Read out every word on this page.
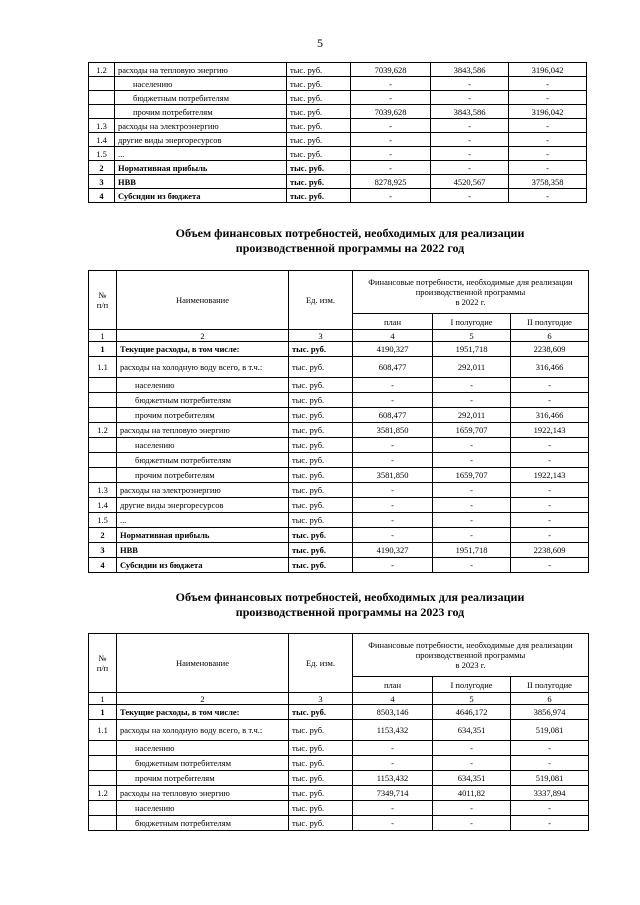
5
1.2	расходы на тепловую энергию	тыс. руб.	7039,628	3843,586	3196,042
	населению	тыс. руб.	-	-	-
	бюджетным потребителям	тыс. руб.	-	-	-
	прочим потребителям	тыс. руб.	7039,628	3843,586	3196,042
1.3	расходы на электроэнергию	тыс. руб.	-	-	-
1.4	другие виды энергоресурсов	тыс. руб.	-	-	-
1.5	...	тыс. руб.	-	-	-
2	Нормативная прибыль	тыс. руб.	-	-	-
3	НВВ	тыс. руб.	8278,925	4520,567	3758,358
4	Субсидии из бюджета	тыс. руб.	-	-	-
Объем финансовых потребностей, необходимых для реализации
производственной программы на 2022 год
№
п/п	Наименование	Ед. изм.	Финансовые потребности, необходимые для реализации производственной программы
в 2022 г.		
			план	I полугодие	II полугодие
1	2	3	4	5	6
1	Текущие расходы, в том числе:	тыс. руб.	4190,327	1951,718	2238,609
1.1	расходы на холодную воду всего, в т.ч.:	тыс. руб.	608,477	292,011	316,466
	населению	тыс. руб.	-	-	-
	бюджетным потребителям	тыс. руб.	-	-	-
	прочим потребителям	тыс. руб.	608,477	292,011	316,466
1.2	расходы на тепловую энергию	тыс. руб.	3581,850	1659,707	1922,143
	населению	тыс. руб.	-	-	-
	бюджетным потребителям	тыс. руб.	-	-	-
	прочим потребителям	тыс. руб.	3581,850	1659,707	1922,143
1.3	расходы на электроэнергию	тыс. руб.	-	-	-
1.4	другие виды энергоресурсов	тыс. руб.	-	-	-
1.5	...	тыс. руб.	-	-	-
2	Нормативная прибыль	тыс. руб.	-	-	-
3	НВВ	тыс. руб.	4190,327	1951,718	2238,609
4	Субсидии из бюджета	тыс. руб.	-	-	-
Объем финансовых потребностей, необходимых для реализации
производственной программы на 2023 год
№
п/п	Наименование	Ед. изм.	Финансовые потребности, необходимые для реализации производственной программы
в 2023 г.		
			план	I полугодие	II полугодие
1	2	3	4	5	6
1	Текущие расходы, в том числе:	тыс. руб.	8503,146	4646,172	3856,974
1.1	расходы на холодную воду всего, в т.ч.:	тыс. руб.	1153,432	634,351	519,081
	населению	тыс. руб.	-	-	-
	бюджетным потребителям	тыс. руб.	-	-	-
	прочим потребителям	тыс. руб.	1153,432	634,351	519,081
1.2	расходы на тепловую энергию	тыс. руб.	7349,714	4011,82	3337,894
	населению	тыс. руб.	-	-	-
	бюджетным потребителям	тыс. руб.	-	-	-
